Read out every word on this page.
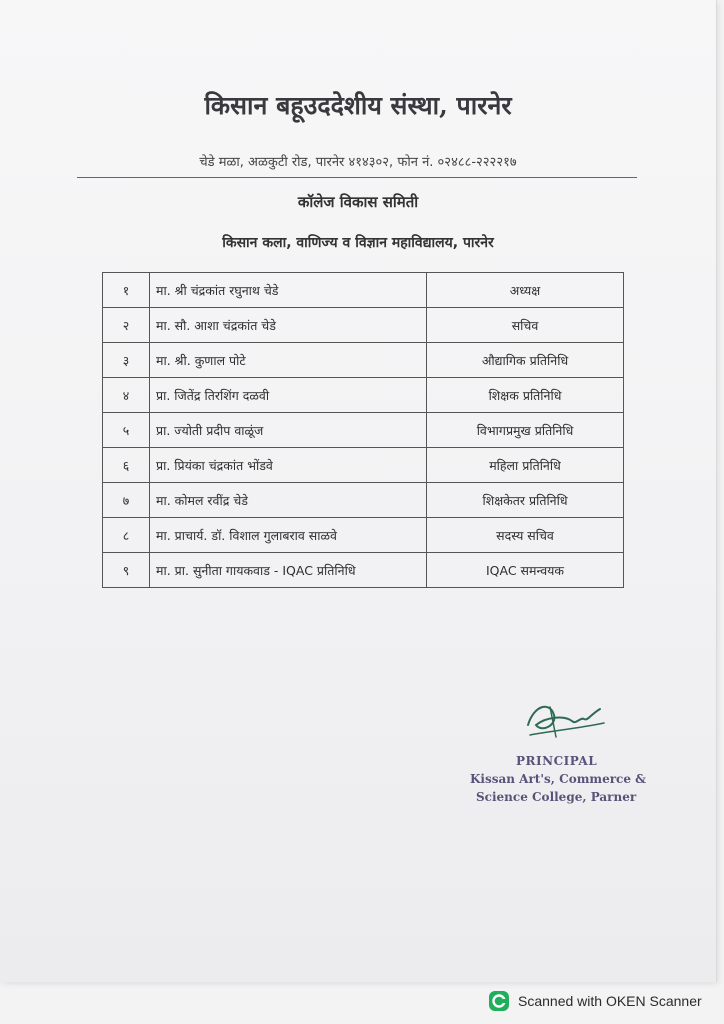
किसान बहूउददेशीय संस्था, पारनेर
चेडे मळा, अळकुटी रोड, पारनेर ४१४३०२, फोन नं. ०२४८८-२२२२१७
कॉलेज विकास समिती
किसान कला, वाणिज्य व विज्ञान महाविद्यालय, पारनेर
१	मा. श्री चंद्रकांत रघुनाथ चेडे	अध्यक्ष
२	मा. सौ. आशा चंद्रकांत चेडे	सचिव
३	मा. श्री. कुणाल पोटे	औद्यागिक प्रतिनिधि
४	प्रा. जितेंद्र तिरशिंग दळवी	शिक्षक प्रतिनिधि
५	प्रा. ज्योती प्रदीप वाळूंज	विभागप्रमुख प्रतिनिधि
६	प्रा. प्रियंका चंद्रकांत भोंडवे	महिला प्रतिनिधि
७	मा. कोमल रवींद्र चेडे	शिक्षकेतर प्रतिनिधि
८	मा. प्राचार्य. डॉ. विशाल गुलाबराव साळवे	सदस्य सचिव
९	मा. प्रा. सुनीता गायकवाड - IQAC प्रतिनिधि	IQAC समन्वयक
PRINCIPAL
Kissan Art's, Commerce &
Science College, Parner
Scanned with OKEN Scanner
